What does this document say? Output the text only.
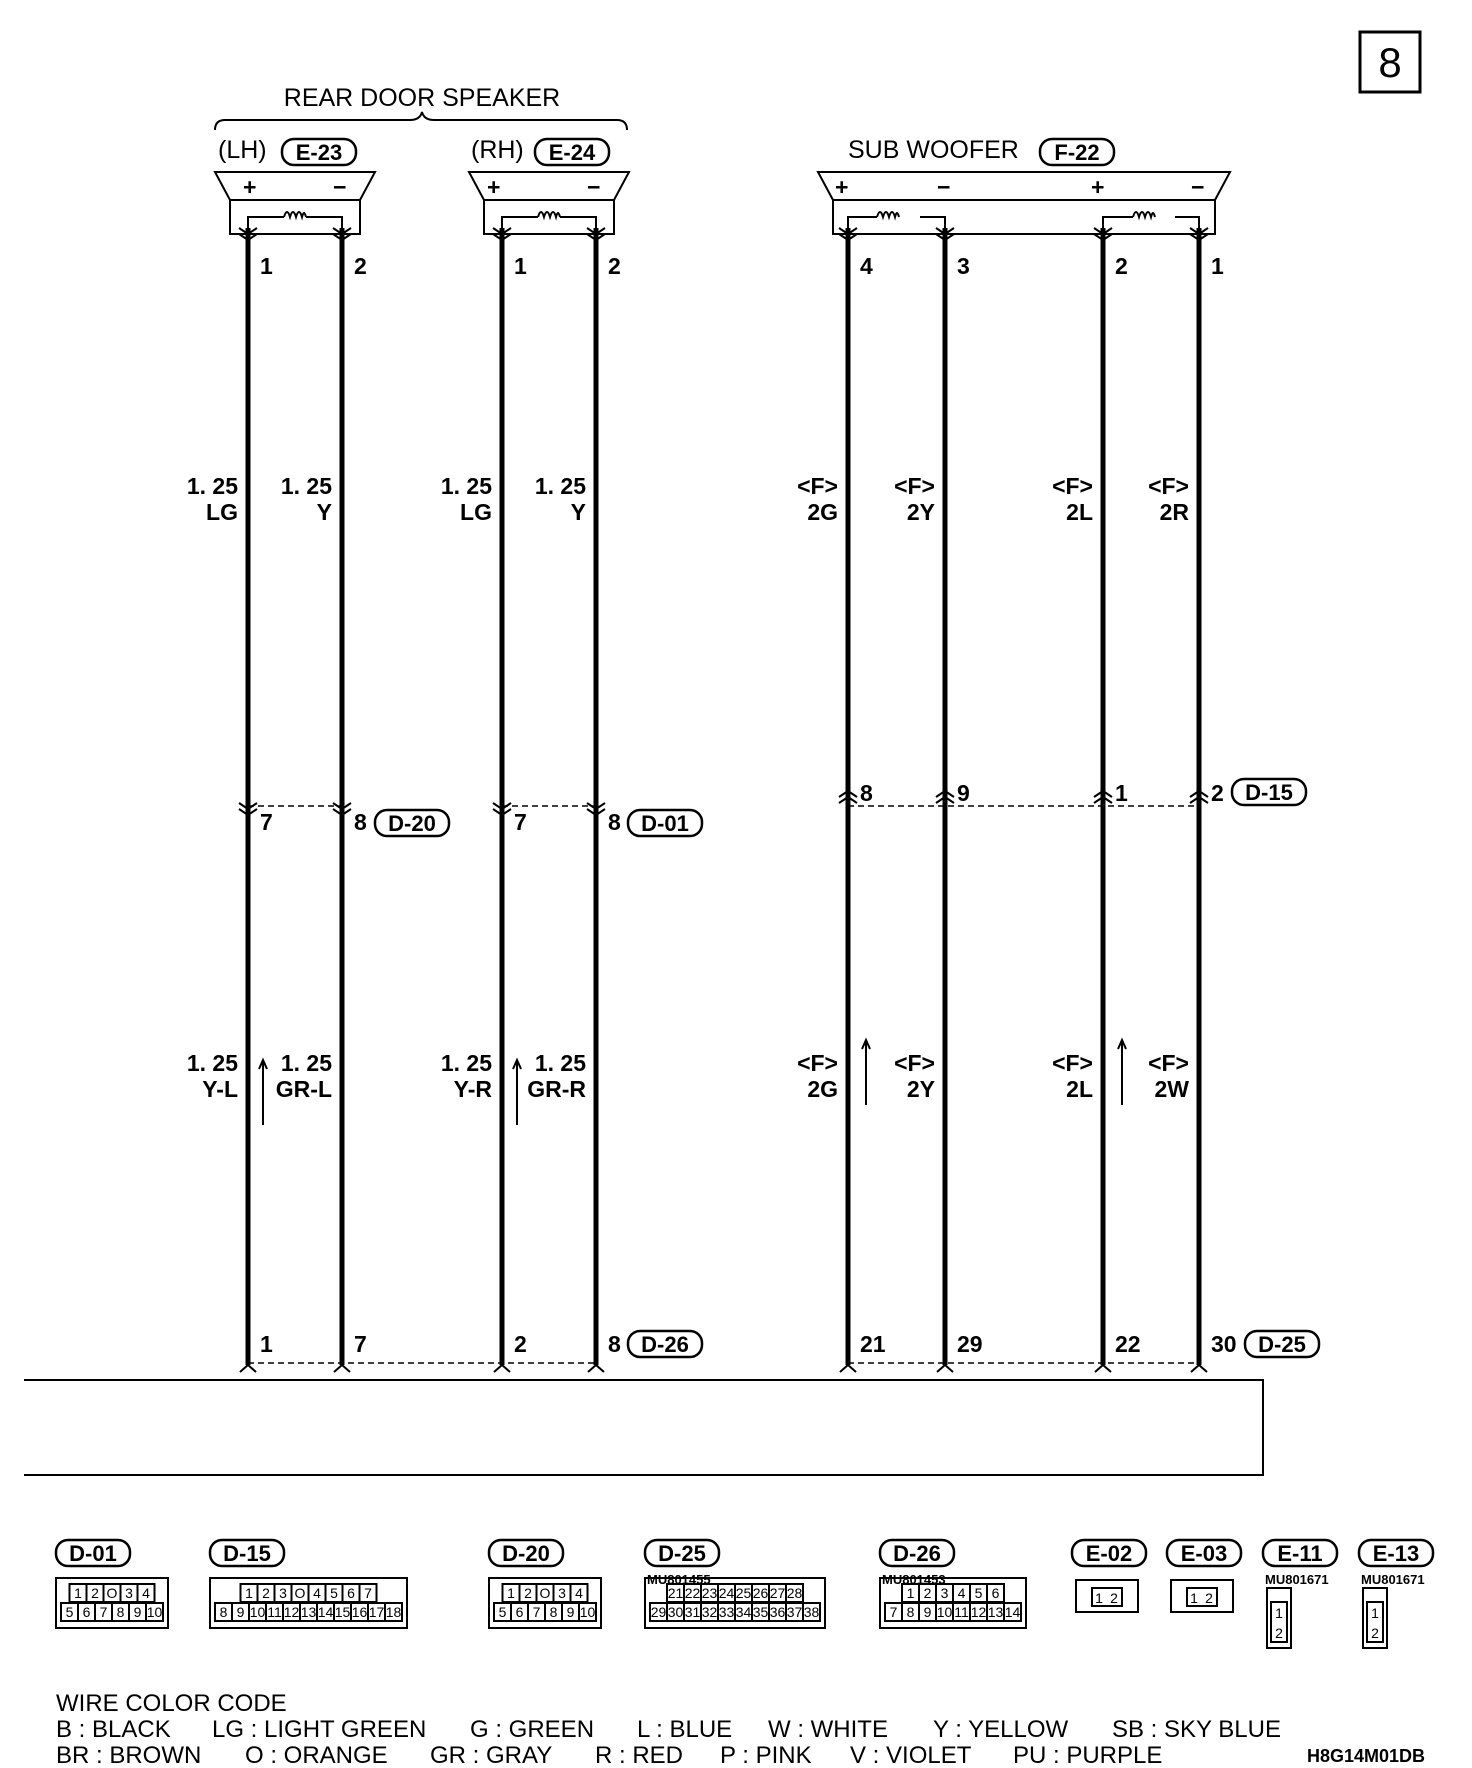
8
REAR DOOR SPEAKER
(LH) E-23	(RH) E-24	SUB WOOFER F-22
+	−	+	−	+	−	+	−
1
7
1
1. 25
LG
1. 25
Y-L
2
8
7
1. 25
Y
1. 25
GR-L
1
7
2
1. 25
LG
1. 25
Y-R
2
8
8
1. 25
Y
1. 25
GR-R
4
8
21
<F>
2G
<F>
2G
3
9
29
<F>
2Y
<F>
2Y
2
1
22
<F>
2L
<F>
2L
1
2
30
<F>
2R
<F>
2W
D-20	D-01
D-15
D-26	D-25
D-01
1 2 O 3 4
5 6 7 8 9 10
D-15
1 2 3 O 4 5 6 7
8 9 10 11 12 13 14 15 16 17 18
D-20
1 2 O 3 4
5 6 7 8 9 10
D-25
MU801455
21 22 23 24 25 26 27 28
29 30 31 32 33 34 35 36 37 38
D-26
MU801453
1 2 3 4 5 6
7 8 9 10 11 12 13 14
E-02
1 2
E-03
1 2
E-11
MU801671
1
2
E-13
MU801671
1
2
WIRE COLOR CODE
B : BLACK LG : LIGHT GREEN G : GREEN L : BLUE W : WHITE Y : YELLOW SB : SKY BLUE
BR : BROWN O : ORANGE GR : GRAY R : RED P : PINK V : VIOLET PU : PURPLE	H8G14M01DB
